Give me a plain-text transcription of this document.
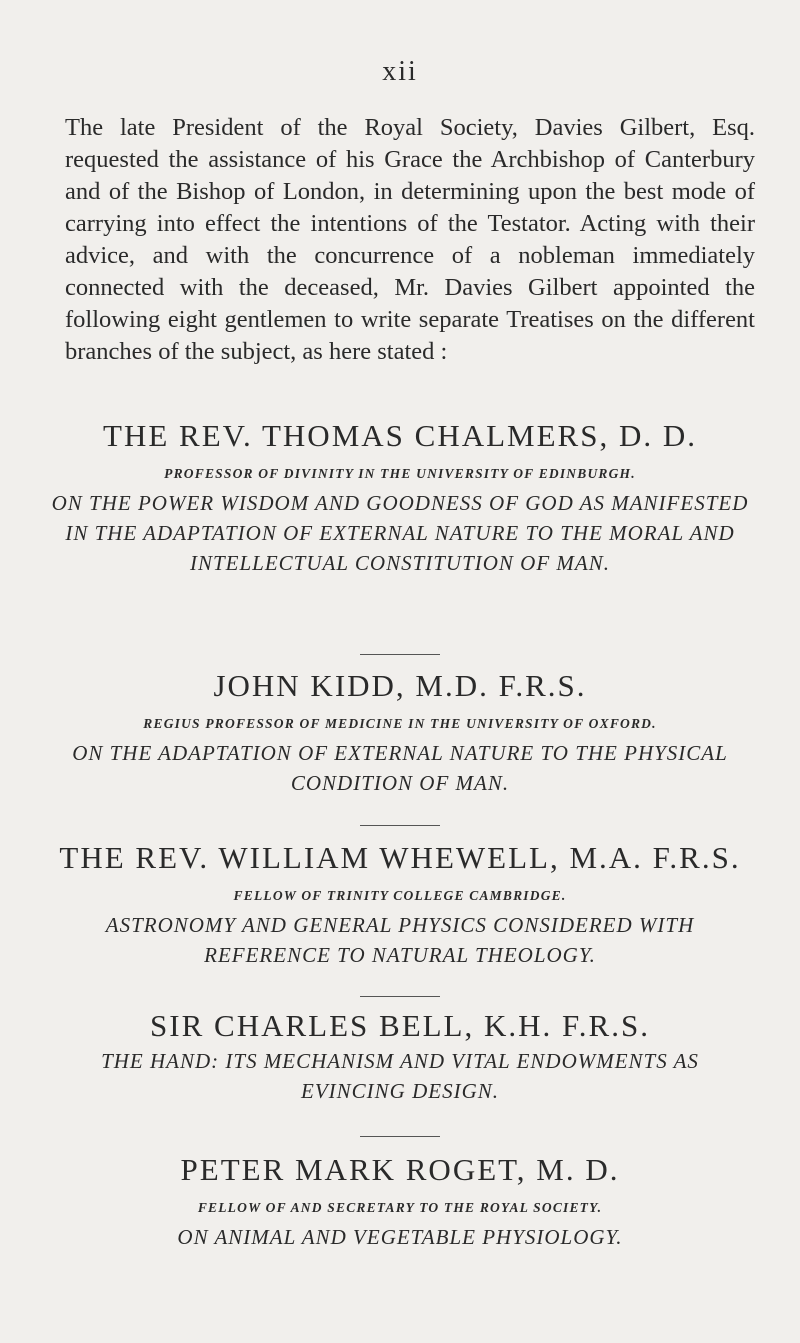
xii

The late President of the Royal Society, Davies Gilbert, Esq. requested the assistance of his Grace the Archbishop of Canterbury and of the Bishop of London, in determining upon the best mode of carrying into effect the intentions of the Testator. Acting with their advice, and with the concurrence of a nobleman immediately connected with the deceased, Mr. Davies Gilbert appointed the following eight gentlemen to write separate Treatises on the different branches of the subject, as here stated :

THE REV. THOMAS CHALMERS, D. D.
PROFESSOR OF DIVINITY IN THE UNIVERSITY OF EDINBURGH.
ON THE POWER WISDOM AND GOODNESS OF GOD AS MANIFESTED IN THE ADAPTATION OF EXTERNAL NATURE TO THE MORAL AND INTELLECTUAL CONSTITUTION OF MAN.
JOHN KIDD, M.D. F.R.S.
REGIUS PROFESSOR OF MEDICINE IN THE UNIVERSITY OF OXFORD.
ON THE ADAPTATION OF EXTERNAL NATURE TO THE PHYSICAL CONDITION OF MAN.
THE REV. WILLIAM WHEWELL, M.A. F.R.S.
FELLOW OF TRINITY COLLEGE CAMBRIDGE.
ASTRONOMY AND GENERAL PHYSICS CONSIDERED WITH REFERENCE TO NATURAL THEOLOGY.
SIR CHARLES BELL, K.H. F.R.S.
THE HAND: ITS MECHANISM AND VITAL ENDOWMENTS AS EVINCING DESIGN.
PETER MARK ROGET, M. D.
FELLOW OF AND SECRETARY TO THE ROYAL SOCIETY.
ON ANIMAL AND VEGETABLE PHYSIOLOGY.
